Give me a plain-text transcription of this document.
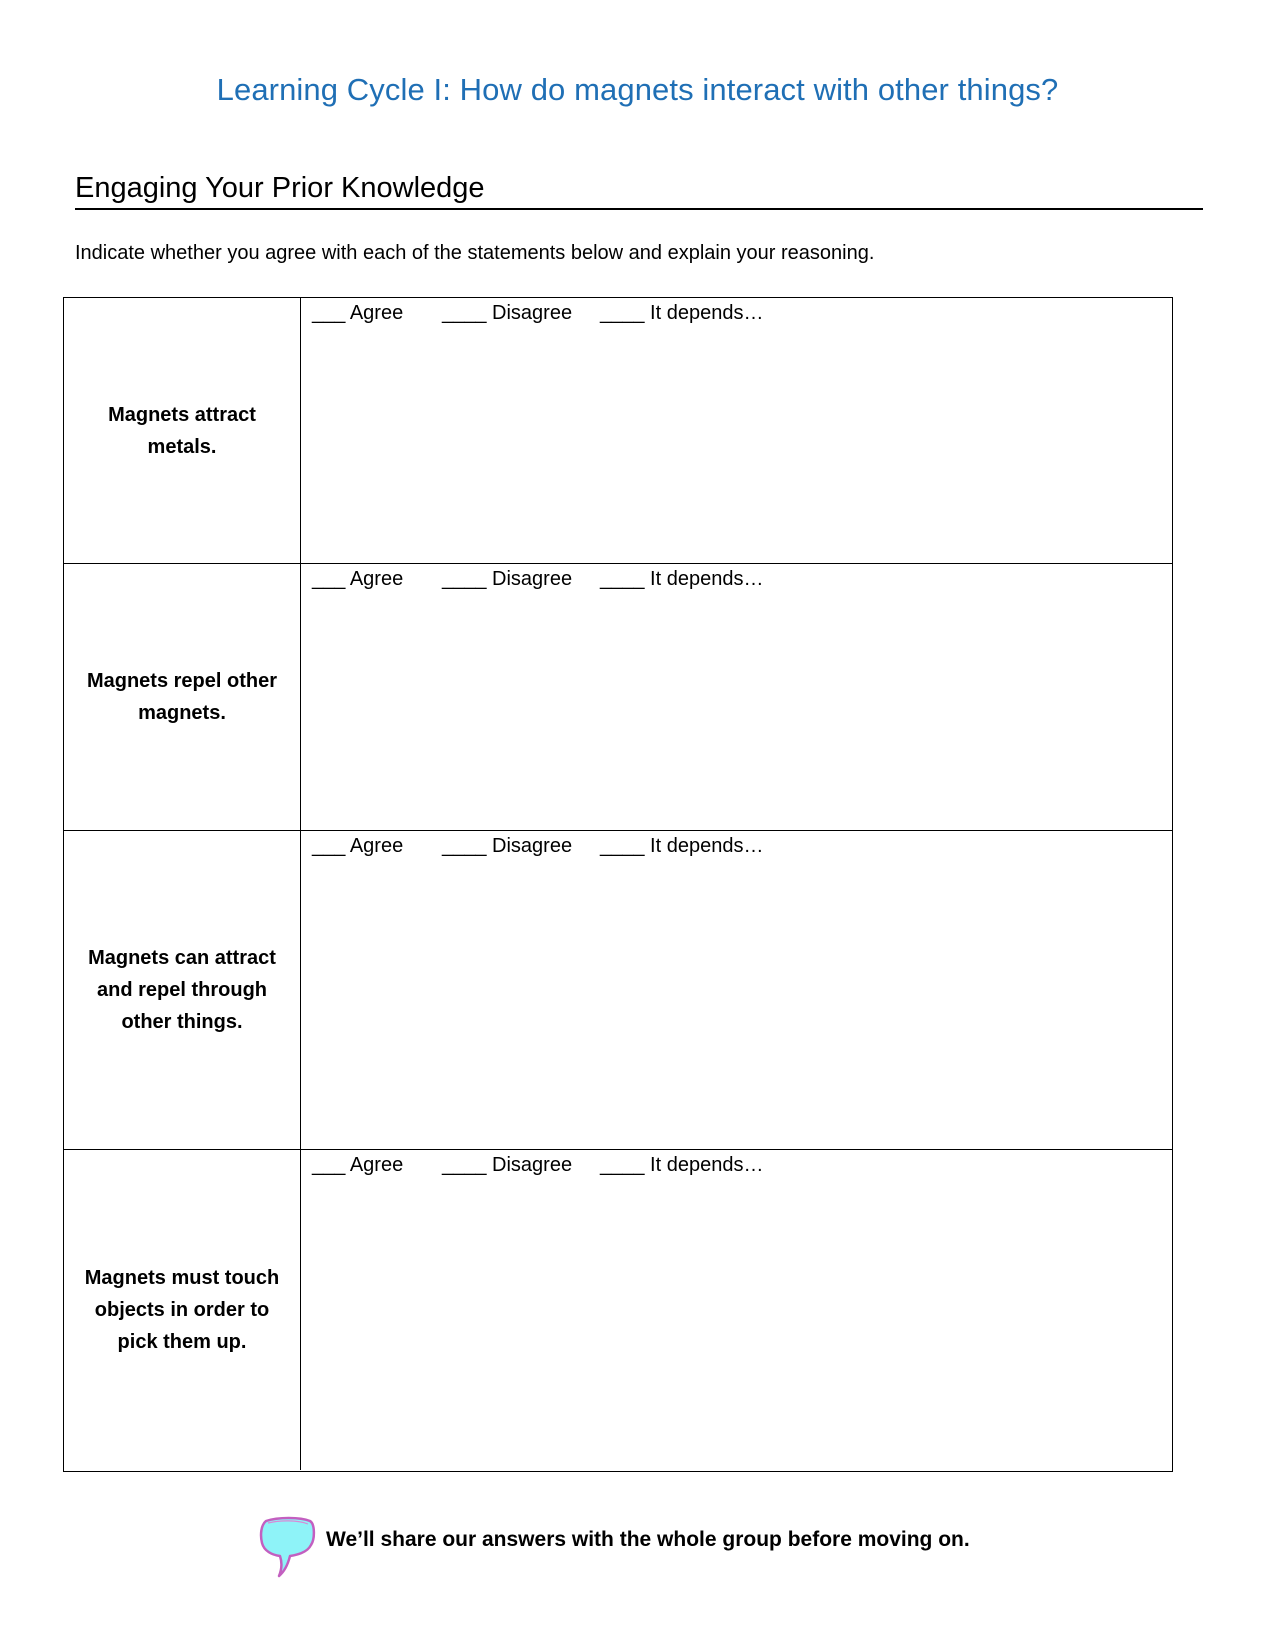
Learning Cycle I: How do magnets interact with other things?
Engaging Your Prior Knowledge
Indicate whether you agree with each of the statements below and explain your reasoning.
Magnets attract metals.
___ Agree ____ Disagree ____ It depends…
Magnets repel other magnets.
___ Agree ____ Disagree ____ It depends…
Magnets can attract and repel through other things.
___ Agree ____ Disagree ____ It depends…
Magnets must touch objects in order to pick them up.
___ Agree ____ Disagree ____ It depends…
We’ll share our answers with the whole group before moving on.
